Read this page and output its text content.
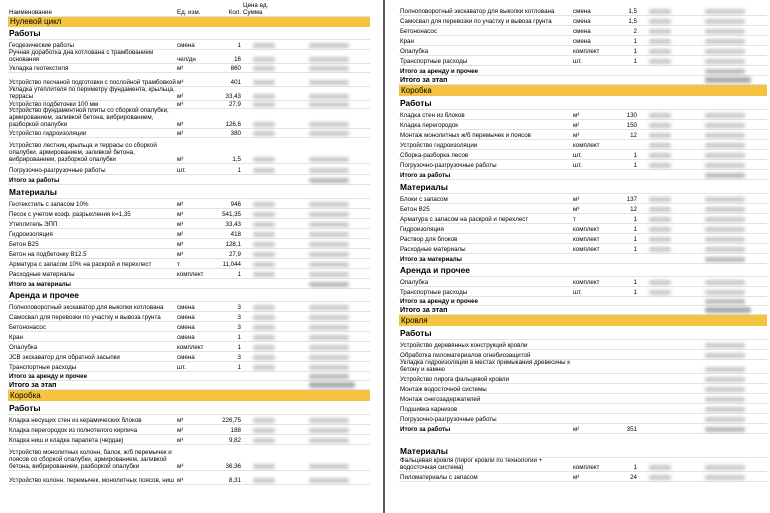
Наименование	Ед. изм.	Кол.
Цена ед. Сумма
Нулевой цикл
Работы
Геодезические работы	смена	1
Ручная доработка дна котлована с трамбованием основания	чел/дн	16
Укладка геотекстиля	м²	860
Устройство песчаной подготовки с послойной трамбовкой м³	401
Укладка утеплителя по периметру фундамента, крыльца, террасы	м²	33,43
Устройство подбетонки 100 мм	м³	27,9
Устройство фундаментной плиты со сборкой опалубки, армированием, заливкой бетона, вибрированием, разборкой опалубки	м³	126,6
Устройство гидроизоляции	м²	380
Устройство лестниц крыльца и террасы со сборкой опалубки, армированием, заливкой бетона, вибрированием, разборкой опалубки	м³	1,5
Погрузочно-разгрузочные работы	шт.	1
Итого за работы
Материалы
Геотекстиль с запасом 10%	м²	946
Песок с учетом коэф. разрыхления k=1,35	м³	541,35
Утеплитель ЭПП	м³	33,43
Гидроизоляция	м²	418
Бетон В25	м³	128,1
Бетон на подбетонку В12.5	м³	27,9
Арматура с запасом 10% на раскрой и перехлест	т	11,044
Расходные материалы	комплект	1
Итого за материалы
Аренда и прочее
Полноповоротный экскаватор для выкопки котлована	смена	3
Самосвал для перевозки по участку и вывоза грунта	смена	3
Бетононасос	смена	3
Кран	смена	1
Опалубка	комплект	1
JCB экскаватор для обратной засыпки	смена	3
Транспортные расходы	шт.	1
Итого за аренду и прочее
Итого за этап
Коробка
Работы
Кладка несущих стен из керамических блоков	м³	226,75
Кладка перегородок из полнотелого кирпича	м²	188
Кладка ниш и кладка парапета (чердак)	м³	9,82
Устройство монолитных колонн, балок, ж/б перемычек и поясов со сборкой опалубки, армированием, заливкой бетона, вибрированием, разборкой опалубки	м³	36,36
Устройство колонн, перемычек, монолитных поясов, ниш м³	8,31
Полноповоротный экскаватор для выкопки котлована	смена	1,5
Самосвал для перевозки по участку и вывоза грунта	смена	1,5
Бетононасос	смена	2
Кран	смена	1
Опалубка	комплект	1
Транспортные расходы	шт.	1
Итого за аренду и прочее
Итого за этап
Коробка
Работы
Кладка стен из блоков	м³	130
Кладка перегородок	м²	150
Монтаж монолитных ж/б перемычек и поясов	м³	12
Устройство гидроизоляции	комплект
Сборка-разборка лесов	шт.	1
Погрузочно-разгрузочные работы	шт.	1
Итого за работы
Материалы
Блоки с запасом	м³	137
Бетон В25	м³	12
Арматура с запасом на раскрой и перехлест	т	1
Гидроизоляция	комплект	1
Раствор для блоков	комплект	1
Расходные материалы	комплект	1
Итого за материалы
Аренда и прочее
Опалубка	комплект	1
Транспортные расходы	шт.	1
Итого за аренду и прочее
Итого за этап
Кровля
Работы
Устройство деревянных конструкций кровли
Обработка пиломатериалов огнебиозащитой
Укладка гидроизоляции в местах примыкания древесины к бетону и камню
Устройство пирога фальцевой кровли
Монтаж водосточной системы
Монтаж снегозадержателей
Подшивка карнизов
Погрузочно-разгрузочные работы
Итого за работы	м²	351
Материалы
Фальцевая кровля (пирог кровли по технологии + водосточная система)	комплект	1
Пиломатериалы с запасом	м³	24
